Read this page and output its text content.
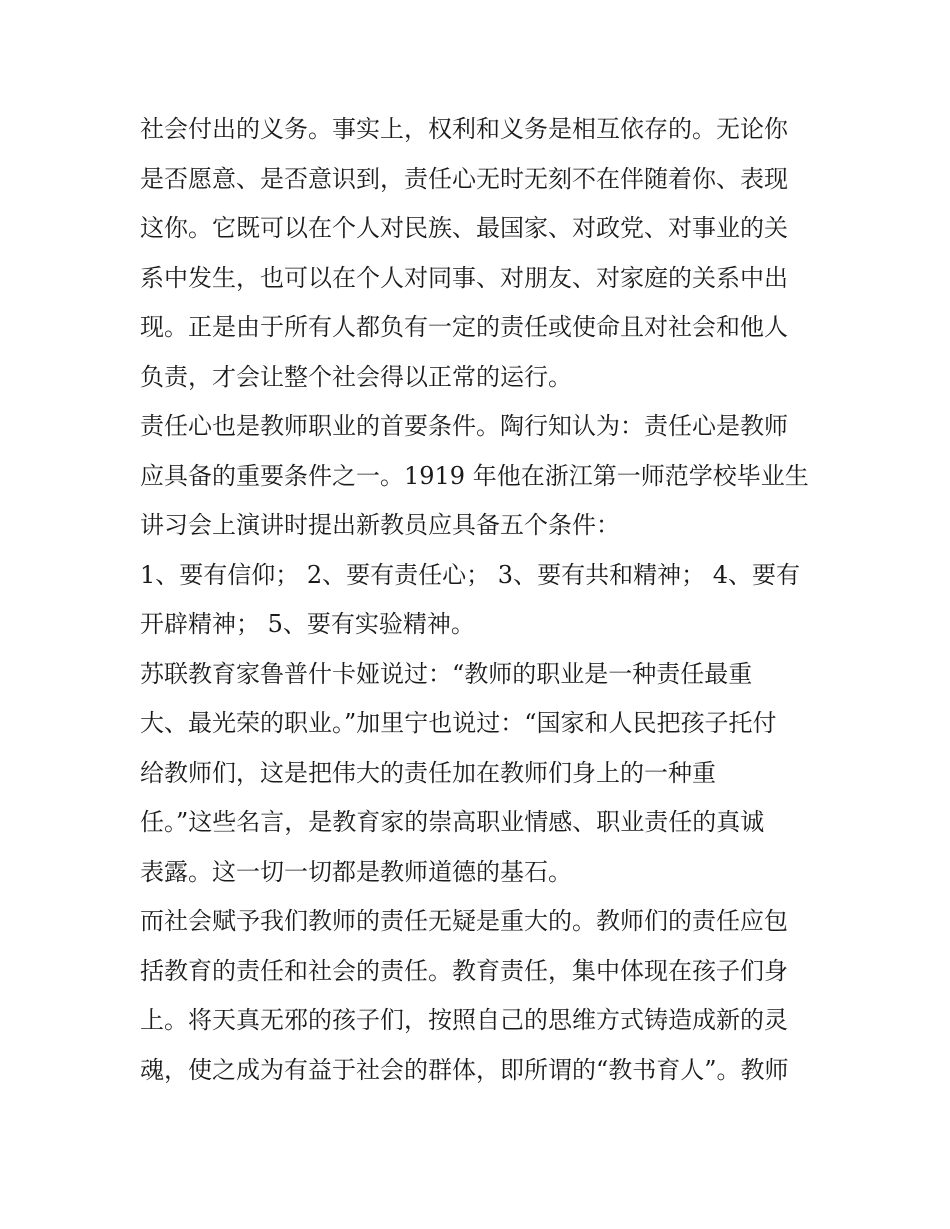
社会付出的义务。事实上，权利和义务是相互依存的。无论你
是否愿意、是否意识到，责任心无时无刻不在伴随着你、表现
这你。它既可以在个人对民族、最国家、对政党、对事业的关
系中发生，也可以在个人对同事、对朋友、对家庭的关系中出
现。正是由于所有人都负有一定的责任或使命且对社会和他人
负责，才会让整个社会得以正常的运行。
责任心也是教师职业的首要条件。陶行知认为：责任心是教师
应具备的重要条件之一。1919 年他在浙江第一师范学校毕业生
讲习会上演讲时提出新教员应具备五个条件：
1、要有信仰； 2、要有责任心； 3、要有共和精神； 4、要有
开辟精神； 5、要有实验精神。
苏联教育家鲁普什卡娅说过：“教师的职业是一种责任最重
大、最光荣的职业。”加里宁也说过：“国家和人民把孩子托付
给教师们，这是把伟大的责任加在教师们身上的一种重
任。”这些名言，是教育家的崇高职业情感、职业责任的真诚
表露。这一切一切都是教师道德的基石。
而社会赋予我们教师的责任无疑是重大的。教师们的责任应包
括教育的责任和社会的责任。教育责任，集中体现在孩子们身
上。将天真无邪的孩子们，按照自己的思维方式铸造成新的灵
魂，使之成为有益于社会的群体，即所谓的“教书育人”。教师
